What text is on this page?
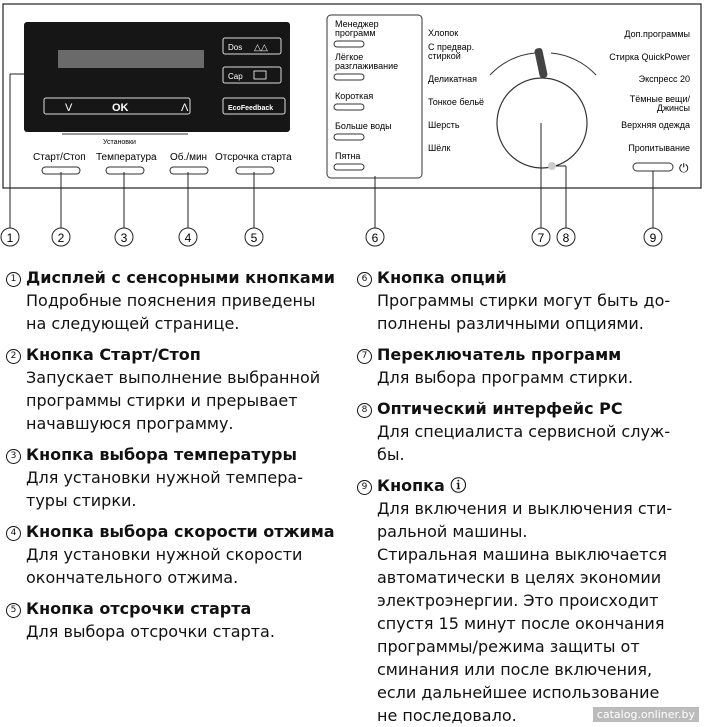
Dos △△
Cap
V	OK	Λ	EcoFeedback
Установки
Старт/Стоп Температура Об./мин Отсрочка старта
Менеджер программ
Лёгкое разглаживание
Короткая
Больше воды
Пятна
Хлопок
С предвар. стиркой
Деликатная
Тонкое бельё
Шерсть
Шёлк
Доп.программы
Стирка QuickPower
Экспресс 20
Тёмные вещи/ Джинсы
Верхняя одежда
Пропитывание
⏻
1	2	3	4	5	6	7 8	9
1 Дисплей с сенсорными кнопками
Подробные пояснения приведены
на следующей странице.
2 Кнопка Старт/Стоп
Запускает выполнение выбранной
программы стирки и прерывает
начавшуюся программу.
3 Кнопка выбора температуры
Для установки нужной темпера-
туры стирки.
4 Кнопка выбора скорости отжима
Для установки нужной скорости
окончательного отжима.
5 Кнопка отсрочки старта
Для выбора отсрочки старта.
6 Кнопка опций
Программы стирки могут быть до-
полнены различными опциями.
7 Переключатель программ
Для выбора программ стирки.
8 Оптический интерфейс PC
Для специалиста сервисной служ-
бы.
9 Кнопка ⓘ
Для включения и выключения сти-
ральной машины.
Стиральная машина выключается
автоматически в целях экономии
электроэнергии. Это происходит
спустя 15 минут после окончания
программы/режима защиты от
сминания или после включения,
если дальнейшее использование
не последовало.	catalog.onliner.by
